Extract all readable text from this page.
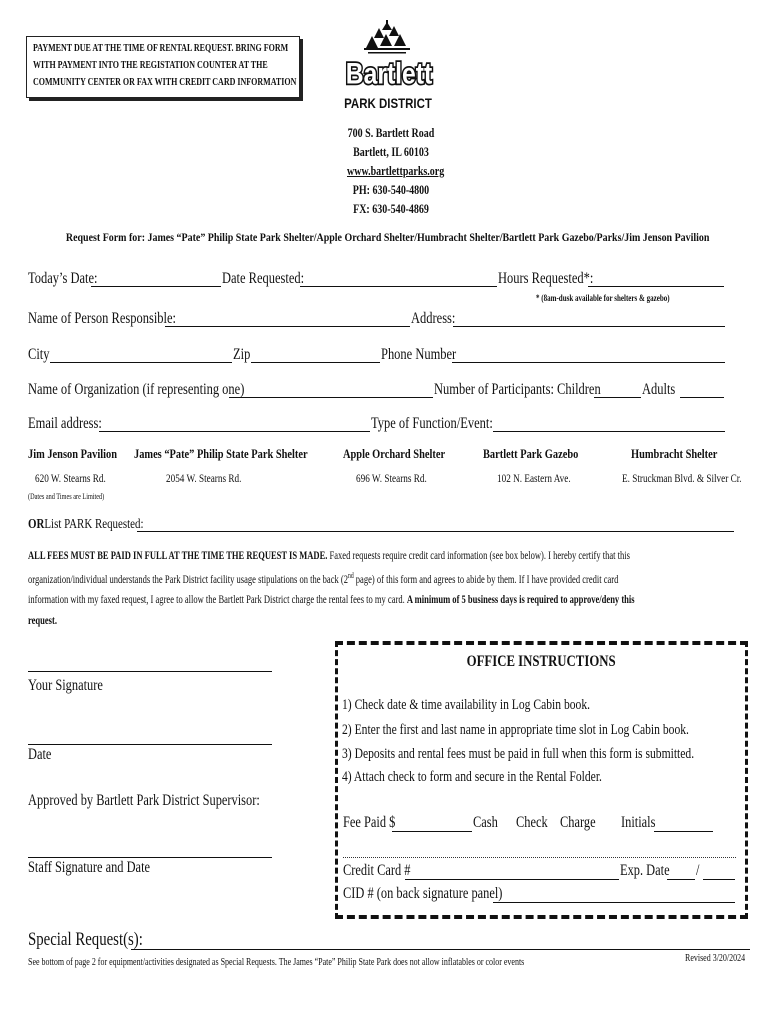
PAYMENT DUE AT THE TIME OF RENTAL REQUEST. BRING FORM
WITH PAYMENT INTO THE REGISTATION COUNTER AT THE
COMMUNITY CENTER OR FAX WITH CREDIT CARD INFORMATION Bartlett
PARK DISTRICT
700 S. Bartlett Road
Bartlett, IL 60103
www.bartlettparks.org
PH: 630-540-4800
FX: 630-540-4869
Request Form for: James “Pate” Philip State Park Shelter/Apple Orchard Shelter/Humbracht Shelter/Bartlett Park Gazebo/Parks/Jim Jenson Pavilion
Today’s Date:	Date Requested:	Hours Requested*:
* (8am-dusk available for shelters & gazebo)
Name of Person Responsible:	Address:
City	Zip	Phone Number
Name of Organization (if representing one)	Number of Participants: Children	Adults
Email address:	Type of Function/Event:
Jim Jenson Pavilion	James “Pate” Philip State Park Shelter	Apple Orchard Shelter	Bartlett Park Gazebo	Humbracht Shelter
620 W. Stearns Rd.	2054 W. Stearns Rd.	696 W. Stearns Rd.	102 N. Eastern Ave.	E. Struckman Blvd. & Silver Cr.
(Dates and Times are Limited)
ORList PARK Requested:
ALL FEES MUST BE PAID IN FULL AT THE TIME THE REQUEST IS MADE. Faxed requests require credit card information (see box below). I hereby certify that this
organization/individual understands the Park District facility usage stipulations on the back (2nd page) of this form and agrees to abide by them. If I have provided credit card
information with my faxed request, I agree to allow the Bartlett Park District charge the rental fees to my card. A minimum of 5 business days is required to approve/deny this
request.
Your Signature
Date
Approved by Bartlett Park District Supervisor:
Staff Signature and Date
OFFICE INSTRUCTIONS
1) Check date & time availability in Log Cabin book.
2) Enter the first and last name in appropriate time slot in Log Cabin book.
3) Deposits and rental fees must be paid in full when this form is submitted.
4) Attach check to form and secure in the Rental Folder.
Fee Paid $	Cash	Check Charge	Initials
Credit Card #	Exp. Date	/
CID # (on back signature panel)
Special Request(s):
See bottom of page 2 for equipment/activities designated as Special Requests. The James “Pate” Philip State Park does not allow inflatables or color events	Revised 3/20/2024
